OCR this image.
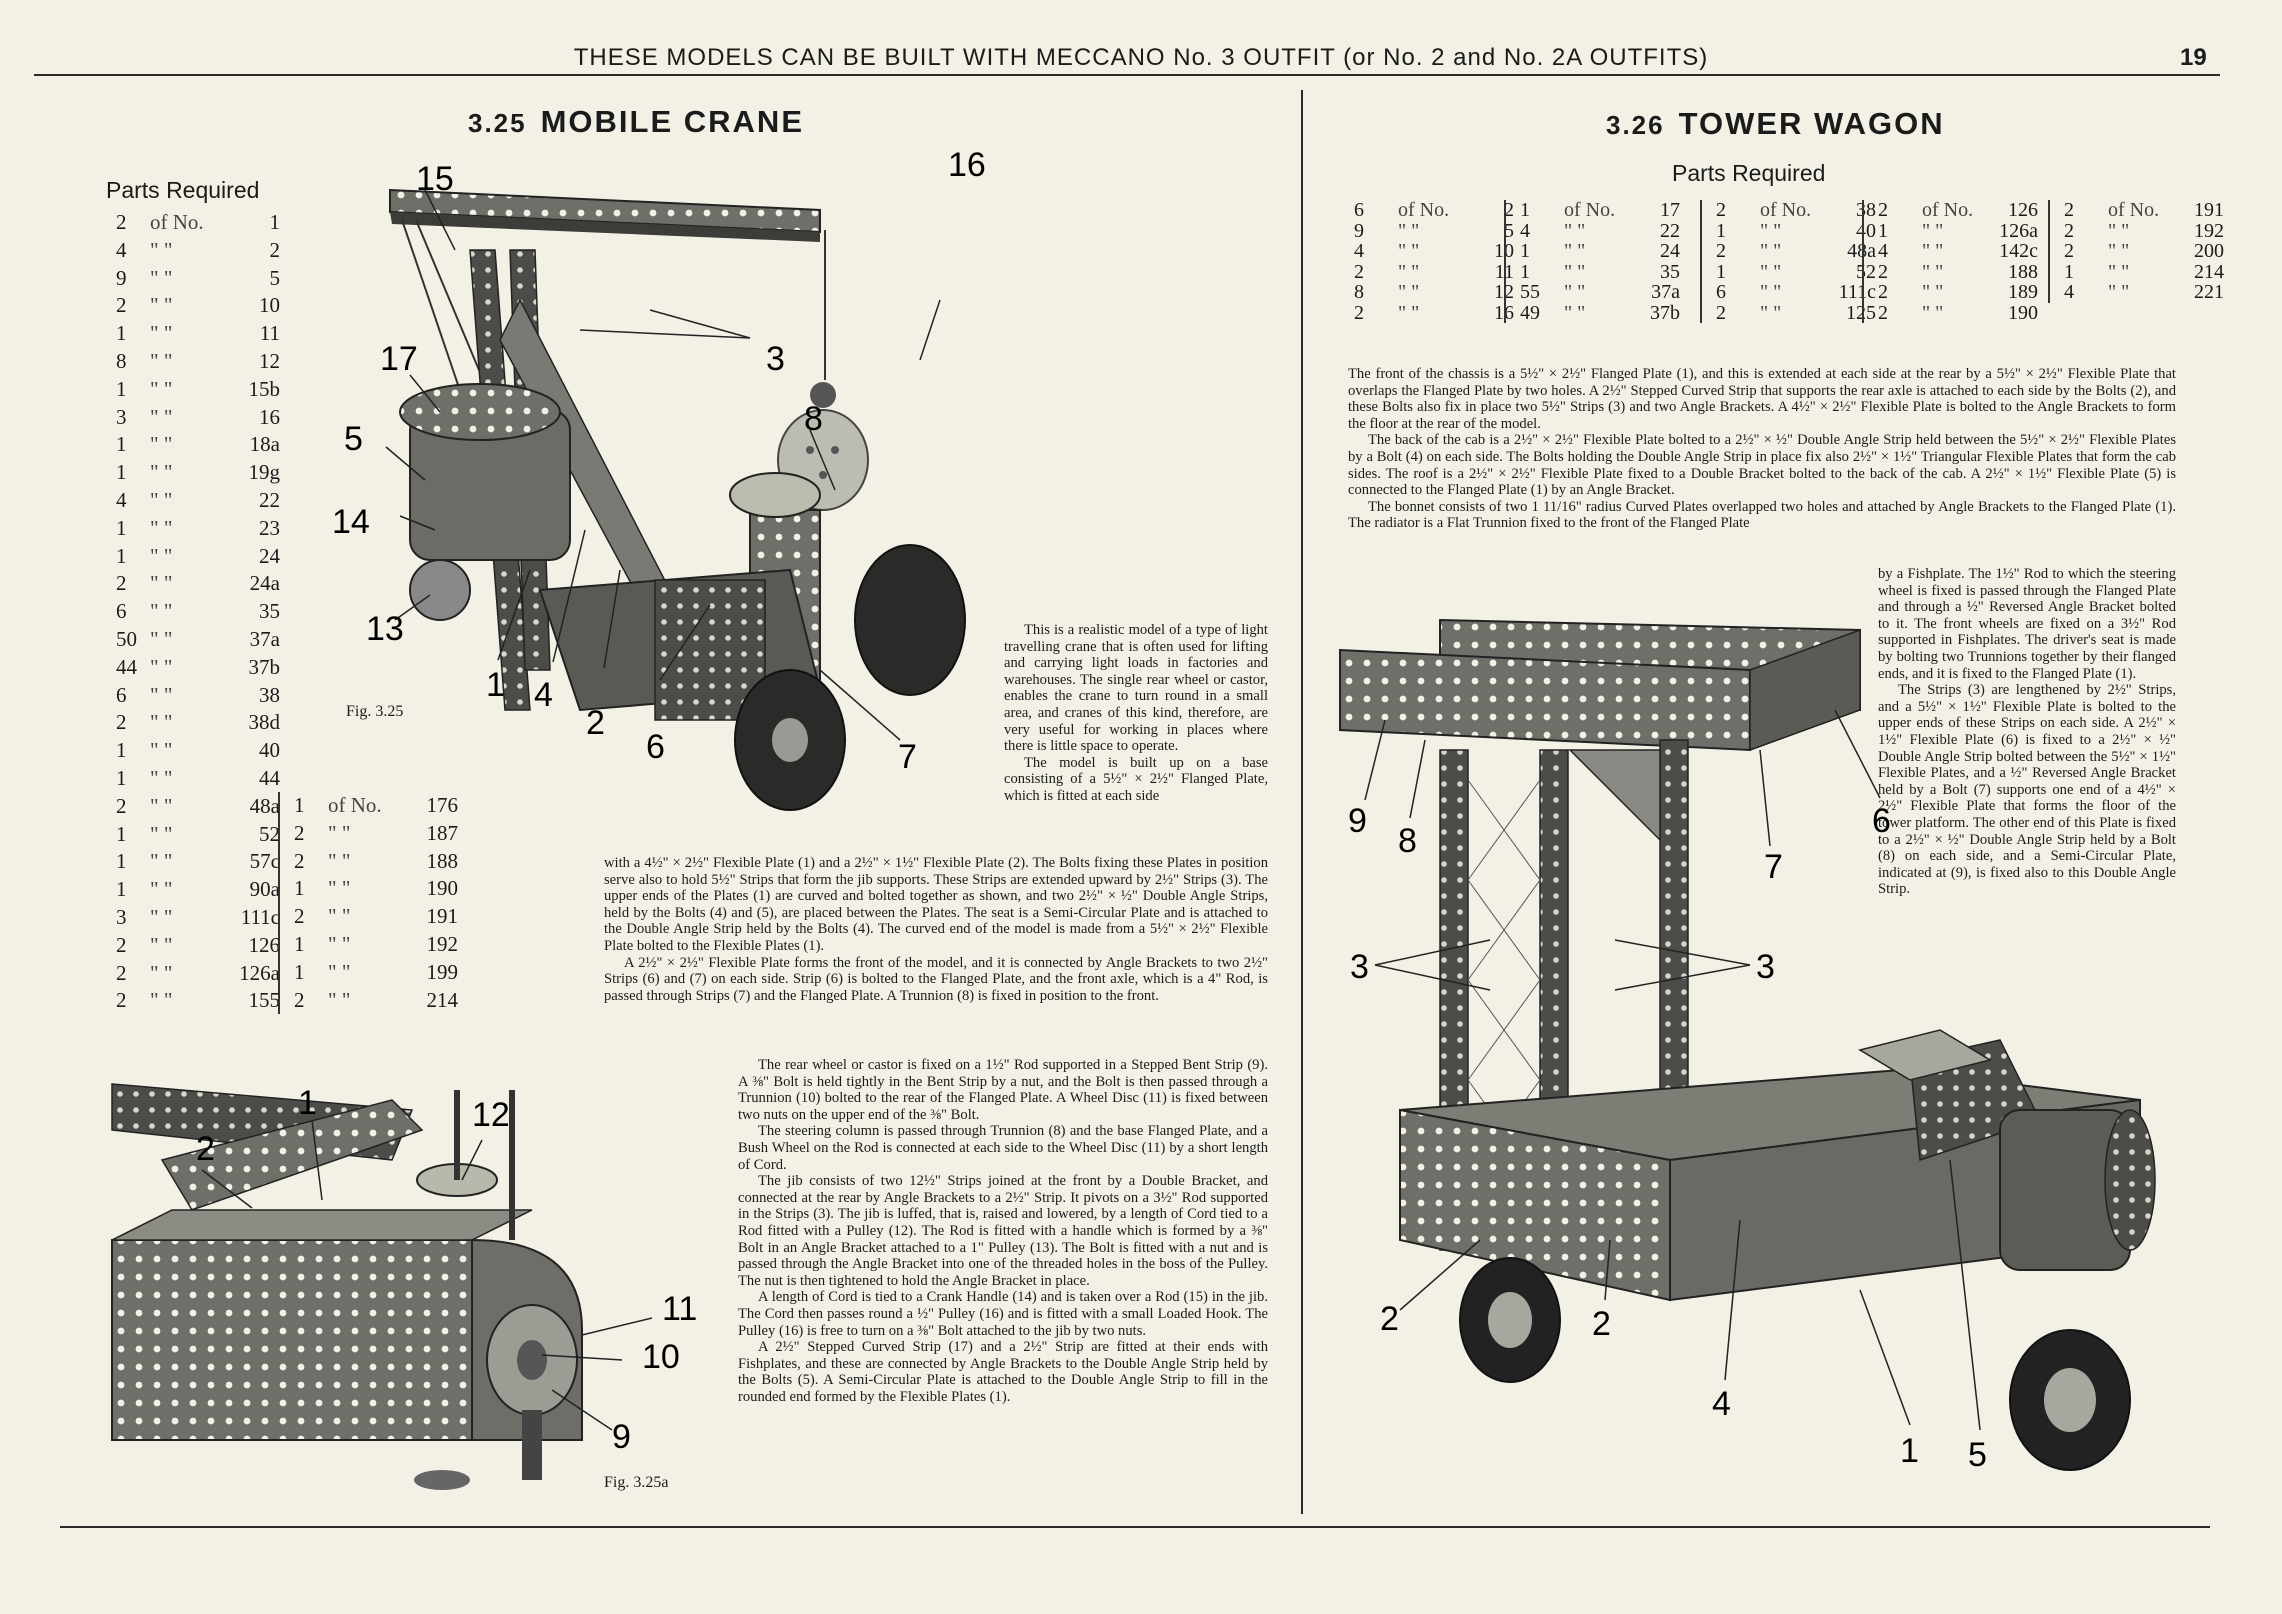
THESE MODELS CAN BE BUILT WITH MECCANO No. 3 OUTFIT (or No. 2 and No. 2A OUTFITS)	19
3.25 MOBILE CRANE
Parts Required
2	of No.	1
4	" "	2
9	" "	5
2	" "	10
1	" "	11
8	" "	12
1	" "	15b
3	" "	16
1	" "	18a
1	" "	19g
4	" "	22
1	" "	23
1	" "	24
2	" "	24a
6	" "	35
50 " "	37a
44 " "	37b
6	" "	38
2	" "	38d
1	" "	40
1	" "	44
2	" "	48a
1	" "	52
1	" "	57c
1	" "	90a
3	" "	111c
2	" "	126
2	" "	126a
2	" "	155
1	of No.	176
2	" "	187
2	" "	188
1	" "	190
2	" "	191
1	" "	192
1	" "	199
2	" "	214
15	16
17	3
5
8
14
13
1 4
2
6	7
Fig. 3.25

This is a realistic model of a type of light travelling crane that is often used for lifting and carrying light loads in factories and warehouses. The single rear wheel or castor, enables the crane to turn round in a small area, and cranes of this kind, therefore, are very useful for working in places where there is little space to operate.

The model is built up on a base consisting of a 5½" × 2½" Flanged Plate, which is fitted at each side

with a 4½" × 2½" Flexible Plate (1) and a 2½" × 1½" Flexible Plate (2). The Bolts fixing these Plates in position serve also to hold 5½" Strips that form the jib supports. These Strips are extended upward by 2½" Strips (3). The upper ends of the Plates (1) are curved and bolted together as shown, and two 2½" × ½" Double Angle Strips, held by the Bolts (4) and (5), are placed between the Plates. The seat is a Semi-Circular Plate and is attached to the Double Angle Strip held by the Bolts (4). The curved end of the model is made from a 5½" × 2½" Flexible Plate bolted to the Flexible Plates (1).

A 2½" × 2½" Flexible Plate forms the front of the model, and it is connected by Angle Brackets to two 2½" Strips (6) and (7) on each side. Strip (6) is bolted to the Flanged Plate, and the front axle, which is a 4" Rod, is passed through Strips (7) and the Flanged Plate. A Trunnion (8) is fixed in position to the front.

The rear wheel or castor is fixed on a 1½" Rod supported in a Stepped Bent Strip (9). A ⅜" Bolt is held tightly in the Bent Strip by a nut, and the Bolt is then passed through a Trunnion (10) bolted to the rear of the Flanged Plate. A Wheel Disc (11) is fixed between two nuts on the upper end of the ⅜" Bolt.

The steering column is passed through Trunnion (8) and the base Flanged Plate, and a Bush Wheel on the Rod is connected at each side to the Wheel Disc (11) by a short length of Cord.

The jib consists of two 12½" Strips joined at the front by a Double Bracket, and connected at the rear by Angle Brackets to a 2½" Strip. It pivots on a 3½" Rod supported in the Strips (3). The jib is luffed, that is, raised and lowered, by a length of Cord tied to a Rod fitted with a Pulley (12). The Rod is fitted with a handle which is formed by a ⅜" Bolt in an Angle Bracket attached to a 1" Pulley (13). The Bolt is fitted with a nut and is passed through the Angle Bracket into one of the threaded holes in the boss of the Pulley. The nut is then tightened to hold the Angle Bracket in place.

A length of Cord is tied to a Crank Handle (14) and is taken over a Rod (15) in the jib. The Cord then passes round a ½" Pulley (16) and is fitted with a small Loaded Hook. The Pulley (16) is free to turn on a ⅜" Bolt attached to the jib by two nuts.

A 2½" Stepped Curved Strip (17) and a 2½" Strip are fitted at their ends with Fishplates, and these are connected by Angle Brackets to the Double Angle Strip held by the Bolts (5). A Semi-Circular Plate is attached to the Double Angle Strip to fill in the rounded end formed by the Flexible Plates (1).

2
1	12
11
10
9
Fig. 3.25a
3.26 TOWER WAGON
Parts Required
6	of No.	2
9	" "	5
4	" "	10
2	" "	11
8	" "	12
2	" "	16
1	of No.	17
4	" "	22
1	" "	24
1	" "	35
55	" "	37a
49	" "	37b
2	of No.	38
1	" "	40
2	" "	48a
1	" "	52
6	" "	111c
2	" "	125
2	of No.	126
1	" "	126a
4	" "	142c
2	" "	188
2	" "	189
2	" "	190
2	of No.	191
2	" "	192
2	" "	200
1	" "	214
4	" "	221

The front of the chassis is a 5½" × 2½" Flanged Plate (1), and this is extended at each side at the rear by a 5½" × 2½" Flexible Plate that overlaps the Flanged Plate by two holes. A 2½" Stepped Curved Strip that supports the rear axle is attached to each side by the Bolts (2), and these Bolts also fix in place two 5½" Strips (3) and two Angle Brackets. A 4½" × 2½" Flexible Plate is bolted to the Angle Brackets to form the floor at the rear of the model.

The back of the cab is a 2½" × 2½" Flexible Plate bolted to a 2½" × ½" Double Angle Strip held between the 5½" × 2½" Flexible Plates by a Bolt (4) on each side. The Bolts holding the Double Angle Strip in place fix also 2½" × 1½" Triangular Flexible Plates that form the cab sides. The roof is a 2½" × 2½" Flexible Plate fixed to a Double Bracket bolted to the back of the cab. A 2½" × 1½" Flexible Plate (5) is connected to the Flanged Plate (1) by an Angle Bracket.

The bonnet consists of two 1 11/16" radius Curved Plates overlapped two holes and attached by Angle Brackets to the Flanged Plate (1). The radiator is a Flat Trunnion fixed to the front of the Flanged Plate

by a Fishplate. The 1½" Rod to which the steering wheel is fixed is passed through the Flanged Plate and through a ½" Reversed Angle Bracket bolted to it. The front wheels are fixed on a 3½" Rod supported in Fishplates. The driver's seat is made by bolting two Trunnions together by their flanged ends, and it is fixed to the Flanged Plate (1).

The Strips (3) are lengthened by 2½" Strips, and a 5½" × 1½" Flexible Plate is bolted to the upper ends of these Strips on each side. A 2½" × 1½" Flexible Plate (6) is fixed to a 2½" × ½" Double Angle Strip bolted between the 5½" × 1½" Flexible Plates, and a ½" Reversed Angle Bracket held by a Bolt (7) supports one end of a 4½" × 2½" Flexible Plate that forms the floor of the tower platform. The other end of this Plate is fixed to a 2½" × ½" Double Angle Strip held by a Bolt (8) on each side, and a Semi-Circular Plate, indicated at (9), is fixed also to this Double Angle Strip.

9
8
6
7
3	3
2	2
4
1 5
